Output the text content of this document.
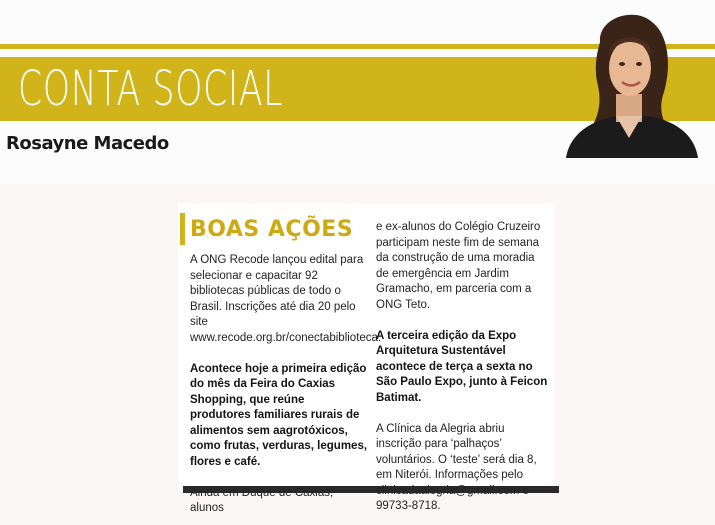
CONTA SOCIAL
Rosayne Macedo
BOAS AÇÕES

A ONG Recode lançou edital para selecionar e capacitar 92 bibliotecas públicas de todo o Brasil. Inscrições até dia 20 pelo site www.recode.org.br/conectabiblioteca.

Acontece hoje a primeira edição do mês da Feira do Caxias Shopping, que reúne produtores familiares rurais de alimentos sem aagrotóxicos, como frutas, verduras, legumes, flores e café.

Ainda em Duque de Caxias, alunos

e ex-alunos do Colégio Cruzeiro participam neste fim de semana da construção de uma moradia de emergência em Jardim Gramacho, em parceria com a ONG Teto.

A terceira edição da Expo Arquitetura Sustentável acontece de terça a sexta no São Paulo Expo, junto à Feicon Batimat.

A Clínica da Alegria abriu inscrição para ‘palhaços’ voluntários. O ‘teste’ será dia 8, em Niterói. Informações pelo clinicadaalegria@gmail.com e 99733-8718.
